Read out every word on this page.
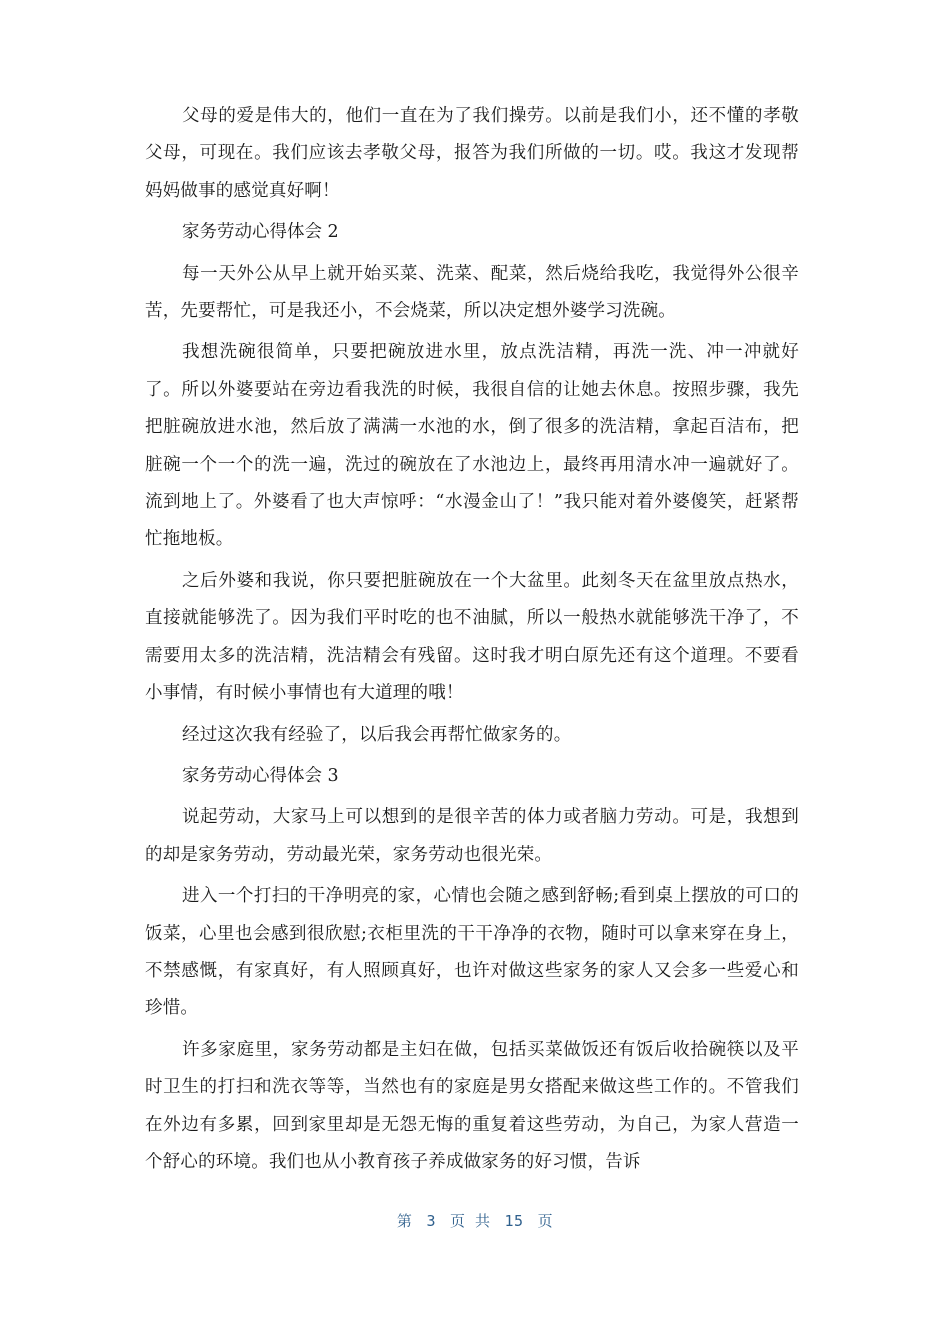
父母的爱是伟大的，他们一直在为了我们操劳。以前是我们小，还不懂的孝敬父母，可现在。我们应该去孝敬父母，报答为我们所做的一切。哎。我这才发现帮妈妈做事的感觉真好啊！

家务劳动心得体会 2

每一天外公从早上就开始买菜、洗菜、配菜，然后烧给我吃，我觉得外公很辛苦，先要帮忙，可是我还小，不会烧菜，所以决定想外婆学习洗碗。

我想洗碗很简单，只要把碗放进水里，放点洗洁精，再洗一洗、冲一冲就好了。所以外婆要站在旁边看我洗的时候，我很自信的让她去休息。按照步骤，我先把脏碗放进水池，然后放了满满一水池的水，倒了很多的洗洁精，拿起百洁布，把脏碗一个一个的洗一遍，洗过的碗放在了水池边上，最终再用清水冲一遍就好了。流到地上了。外婆看了也大声惊呼：“水漫金山了！”我只能对着外婆傻笑，赶紧帮忙拖地板。

之后外婆和我说，你只要把脏碗放在一个大盆里。此刻冬天在盆里放点热水，直接就能够洗了。因为我们平时吃的也不油腻，所以一般热水就能够洗干净了，不需要用太多的洗洁精，洗洁精会有残留。这时我才明白原先还有这个道理。不要看小事情，有时候小事情也有大道理的哦！

经过这次我有经验了，以后我会再帮忙做家务的。

家务劳动心得体会 3

说起劳动，大家马上可以想到的是很辛苦的体力或者脑力劳动。可是，我想到的却是家务劳动，劳动最光荣，家务劳动也很光荣。

进入一个打扫的干净明亮的家，心情也会随之感到舒畅;看到桌上摆放的可口的饭菜，心里也会感到很欣慰;衣柜里洗的干干净净的衣物，随时可以拿来穿在身上，不禁感慨，有家真好，有人照顾真好，也许对做这些家务的家人又会多一些爱心和珍惜。

许多家庭里，家务劳动都是主妇在做，包括买菜做饭还有饭后收拾碗筷以及平时卫生的打扫和洗衣等等，当然也有的家庭是男女搭配来做这些工作的。不管我们在外边有多累，回到家里却是无怨无悔的重复着这些劳动，为自己，为家人营造一个舒心的环境。我们也从小教育孩子养成做家务的好习惯，告诉

第 3 页 共 15 页
